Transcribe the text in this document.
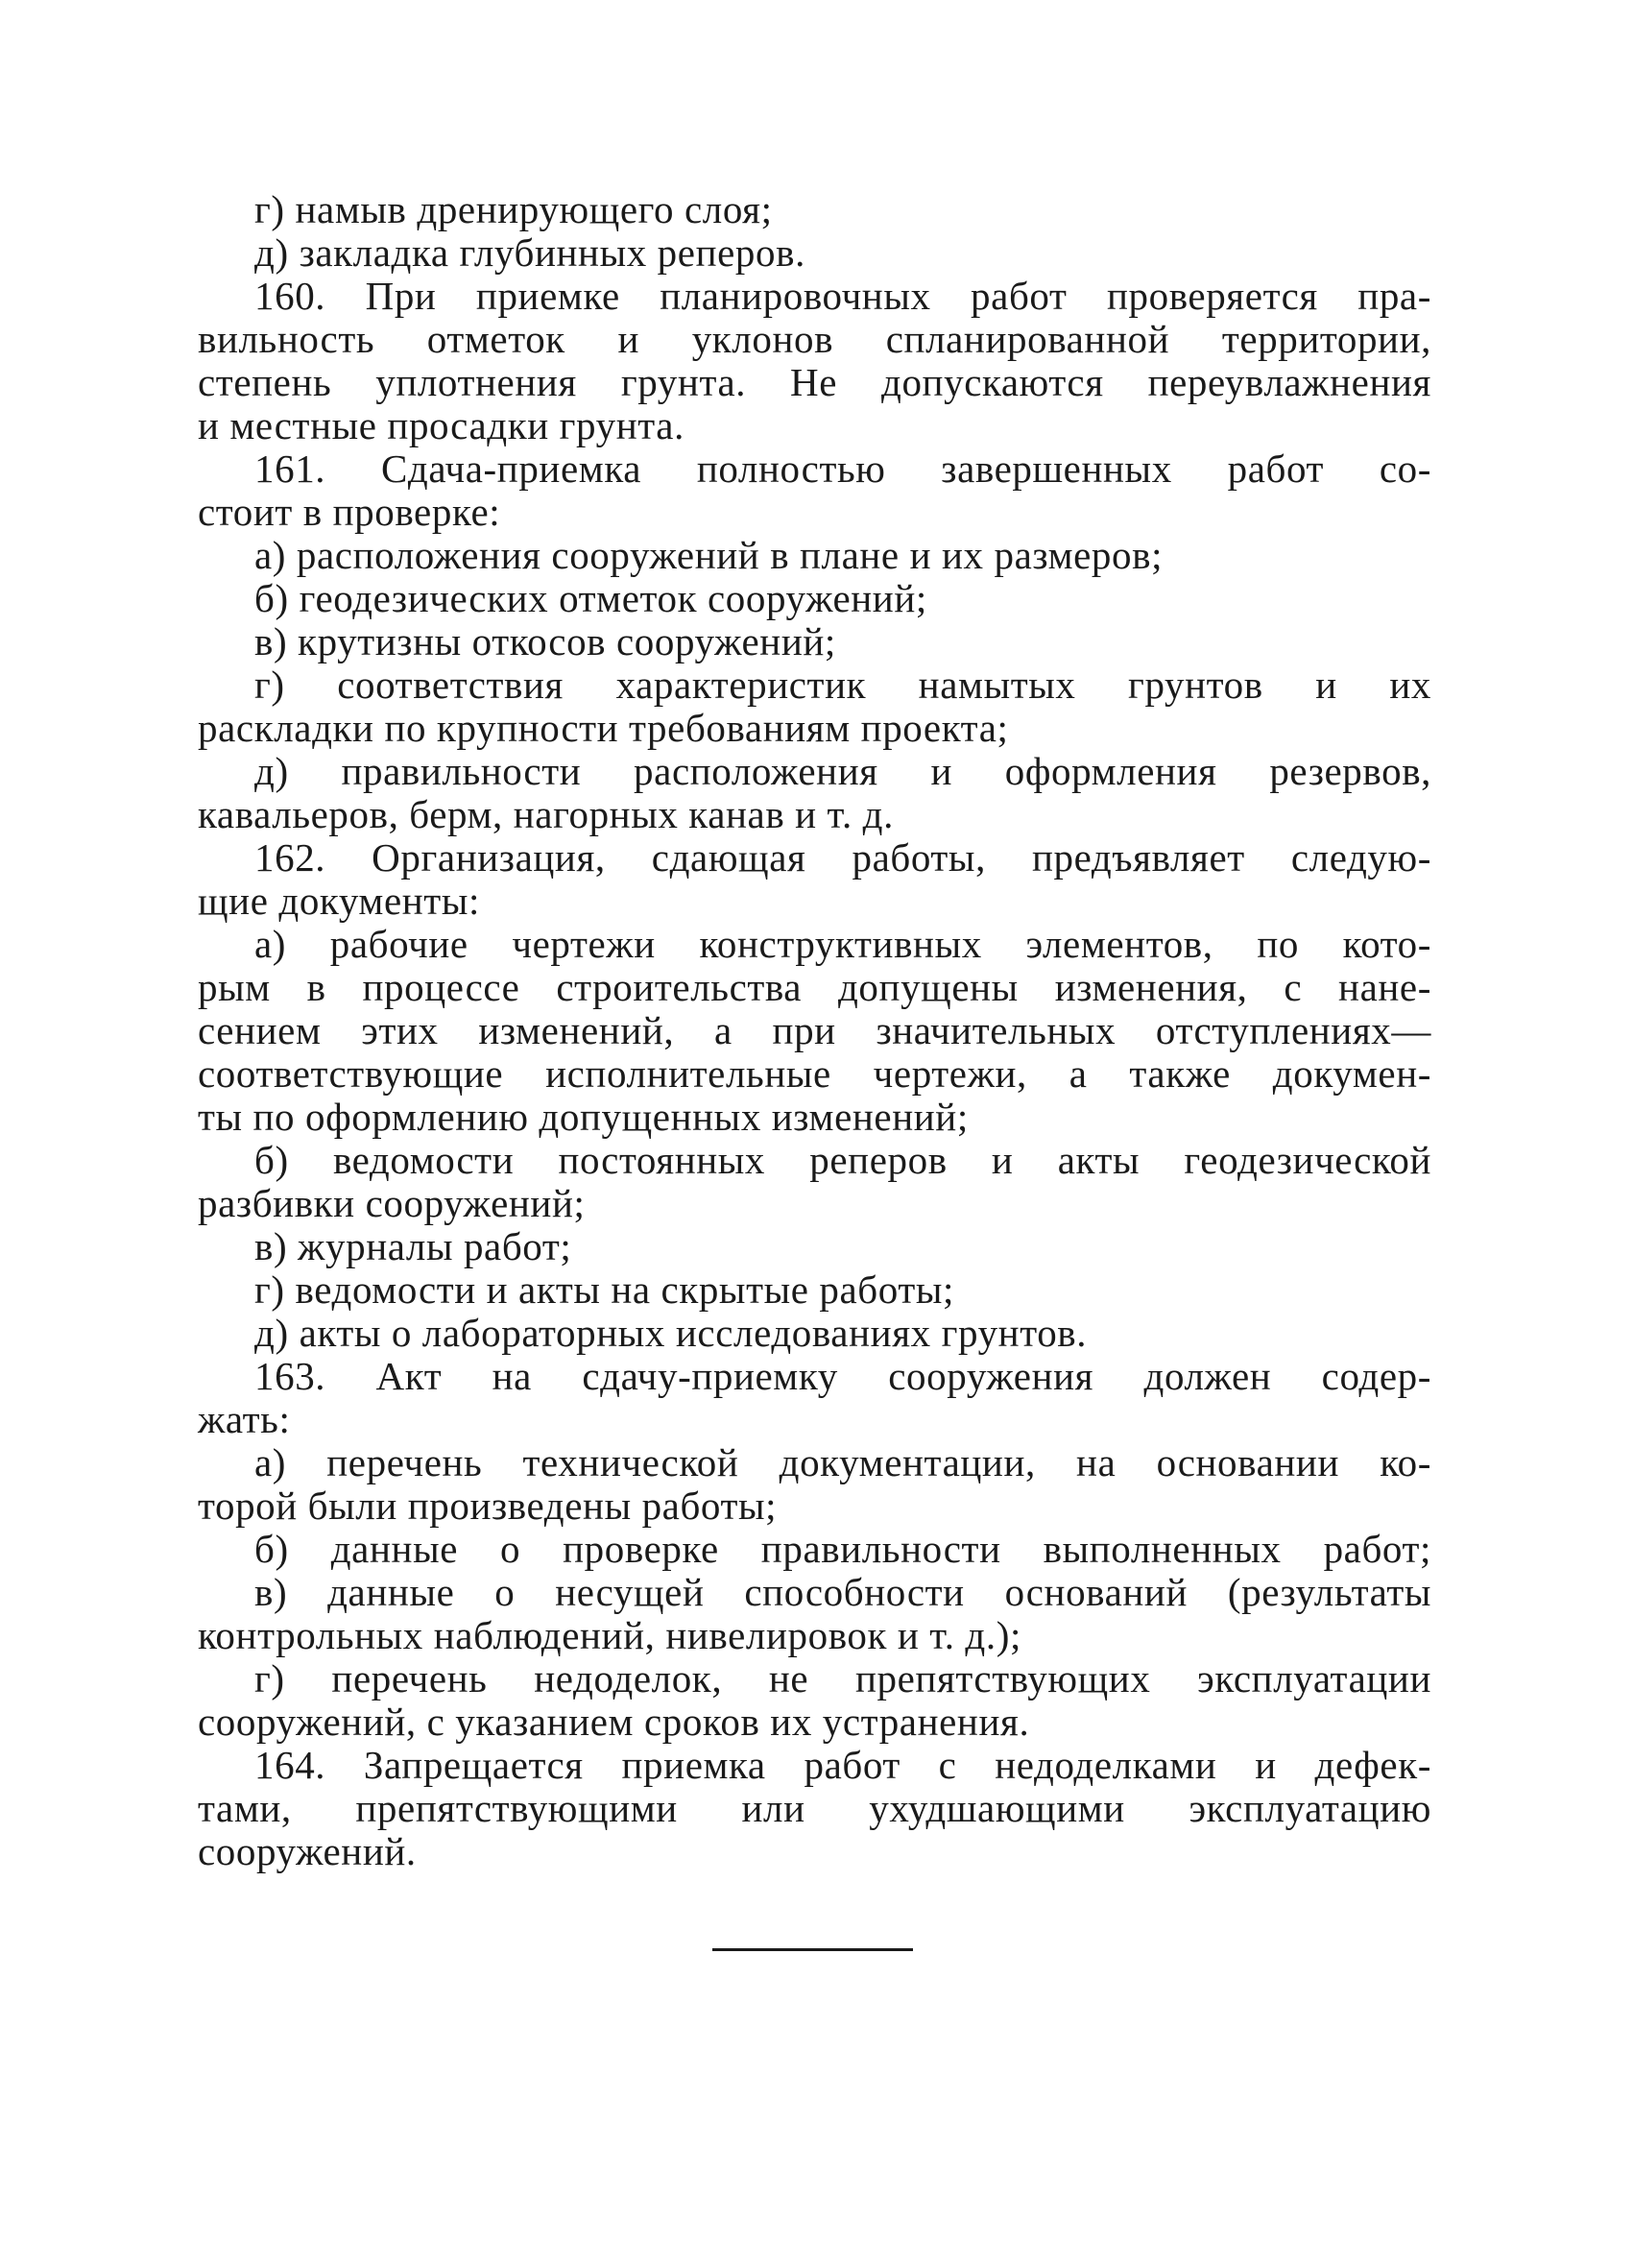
г) намыв дренирующего слоя;
д) закладка глубинных реперов.
160. При приемке планировочных работ проверяется пра-
вильность отметок и уклонов спланированной территории,
степень уплотнения грунта. Не допускаются переувлажнения
и местные просадки грунта.
161. Сдача-приемка полностью завершенных работ со-
стоит в проверке:
а) расположения сооружений в плане и их размеров;
б) геодезических отметок сооружений;
в) крутизны откосов сооружений;
г) соответствия характеристик намытых грунтов и их
раскладки по крупности требованиям проекта;
д) правильности расположения и оформления резервов,
кавальеров, берм, нагорных канав и т. д.
162. Организация, сдающая работы, предъявляет следую-
щие документы:
а) рабочие чертежи конструктивных элементов, по кото-
рым в процессе строительства допущены изменения, с нане-
сением этих изменений, а при значительных отступлениях—
соответствующие исполнительные чертежи, а также докумен-
ты по оформлению допущенных изменений;
б) ведомости постоянных реперов и акты геодезической
разбивки сооружений;
в) журналы работ;
г) ведомости и акты на скрытые работы;
д) акты о лабораторных исследованиях грунтов.
163. Акт на сдачу-приемку сооружения должен содер-
жать:
а) перечень технической документации, на основании ко-
торой были произведены работы;
б) данные о проверке правильности выполненных работ;
в) данные о несущей способности оснований (результаты
контрольных наблюдений, нивелировок и т. д.);
г) перечень недоделок, не препятствующих эксплуатации
сооружений, с указанием сроков их устранения.
164. Запрещается приемка работ с недоделками и дефек-
тами, препятствующими или ухудшающими эксплуатацию
сооружений.
